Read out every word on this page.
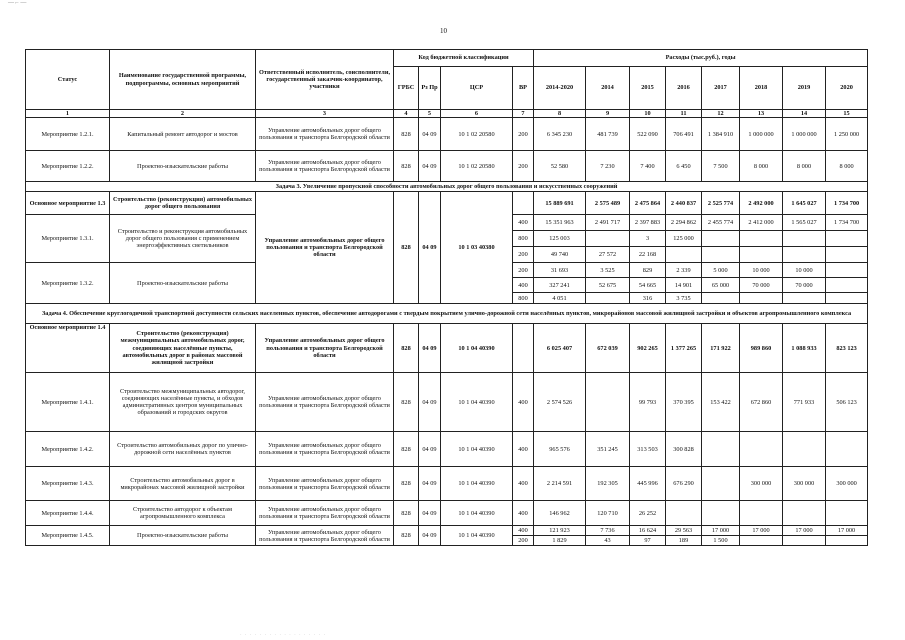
— ⌐ —
10
Статус	Наименование государственной программы, подпрограммы, основных мероприятий	Ответственный исполнитель, соисполнители, государственный заказчик-координатор, участники	Код бюджетной классификации				Расходы (тыс.руб.), годы							
			ГРБС	Рз Пр	ЦСР	ВР	2014-2020	2014	2015	2016	2017	2018	2019	2020
1	2	3	4	5	6	7	8	9	10	11	12	13	14	15
Мероприятие 1.2.1.	Капитальный ремонт автодорог и мостов	Управление автомобильных дорог общего пользования и транспорта Белгородской области	828	04 09	10 1 02 20580	200	6 345 230	481 739	522 090	706 491	1 384 910	1 000 000	1 000 000	1 250 000
Мероприятие 1.2.2.	Проектно-изыскательские работы	Управление автомобильных дорог общего пользования и транспорта Белгородской области	828	04 09	10 1 02 20580	200	52 580	7 230	7 400	6 450	7 500	8 000	8 000	8 000
Задача 3. Увеличение пропускной способности автомобильных дорог общего пользования и искусственных сооружений														
Основное мероприятие 1.3	Строительство (реконструкция) автомобильных дорог общего пользования	Управление автомобильных дорог общего пользования и транспорта Белгородской области	828	04 09	10 1 03 40380		15 889 691	2 575 489	2 475 864	2 440 837	2 525 774	2 492 000	1 645 027	1 734 700
Мероприятие 1.3.1.	Строительство и реконструкция автомобильных дорог общего пользования с применением энергоэффективных светильников					400	15 351 963	2 491 717	2 397 883	2 294 862	2 455 774	2 412 000	1 565 027	1 734 700
						800	125 003		3	125 000				
						200	49 740	27 572	22 168					
Мероприятие 1.3.2.	Проектно-изыскательские работы					200	31 693	3 525	829	2 339	5 000	10 000	10 000	
						400	327 241	52 675	54 665	14 901	65 000	70 000	70 000	
						800	4 051		316	3 735				
Задача 4. Обеспечение круглогодичной транспортной доступности сельских населенных пунктов, обеспечение автодорогами с твердым покрытием улично-дорожной сети населённых пунктов, микрорайонов массовой жилищной застройки и объектов агропромышленного комплекса														
Основное мероприятие 1.4	Строительство (реконструкция) межмуниципальных автомобильных дорог, соединяющих населённые пункты, автомобильных дорог в районах массовой жилищной застройки	Управление автомобильных дорог общего пользования и транспорта Белгородской области	828	04 09	10 1 04 40390		6 025 407	672 039	902 265	1 377 265	171 922	989 860	1 088 933	823 123
Мероприятие 1.4.1.	Строительство межмуниципальных автодорог, соединяющих населённые пункты, и обходов административных центров муниципальных образований и городских округов	Управление автомобильных дорог общего пользования и транспорта Белгородской области	828	04 09	10 1 04 40390	400	2 574 526		99 793	370 395	153 422	672 860	771 933	506 123
Мероприятие 1.4.2.	Строительство автомобильных дорог по улично-дорожной сети населённых пунктов	Управление автомобильных дорог общего пользования и транспорта Белгородской области	828	04 09	10 1 04 40390	400	965 576	351 245	313 503	300 828				
Мероприятие 1.4.3.	Строительство автомобильных дорог в микрорайонах массовой жилищной застройки	Управление автомобильных дорог общего пользования и транспорта Белгородской области	828	04 09	10 1 04 40390	400	2 214 591	192 305	445 996	676 290		300 000	300 000	300 000
Мероприятие 1.4.4.	Строительство автодорог к объектам агропромышленного комплекса	Управление автомобильных дорог общего пользования и транспорта Белгородской области	828	04 09	10 1 04 40390	400	146 962	120 710	26 252					
Мероприятие 1.4.5.	Проектно-изыскательские работы	Управление автомобильных дорог общего пользования и транспорта Белгородской области	828	04 09	10 1 04 40390	400	121 923	7 736	16 624	29 563	17 000	17 000	17 000	17 000
						200	1 829	43	97	189	1 500			
· · · · · · · · · · · · · · · · · ·
